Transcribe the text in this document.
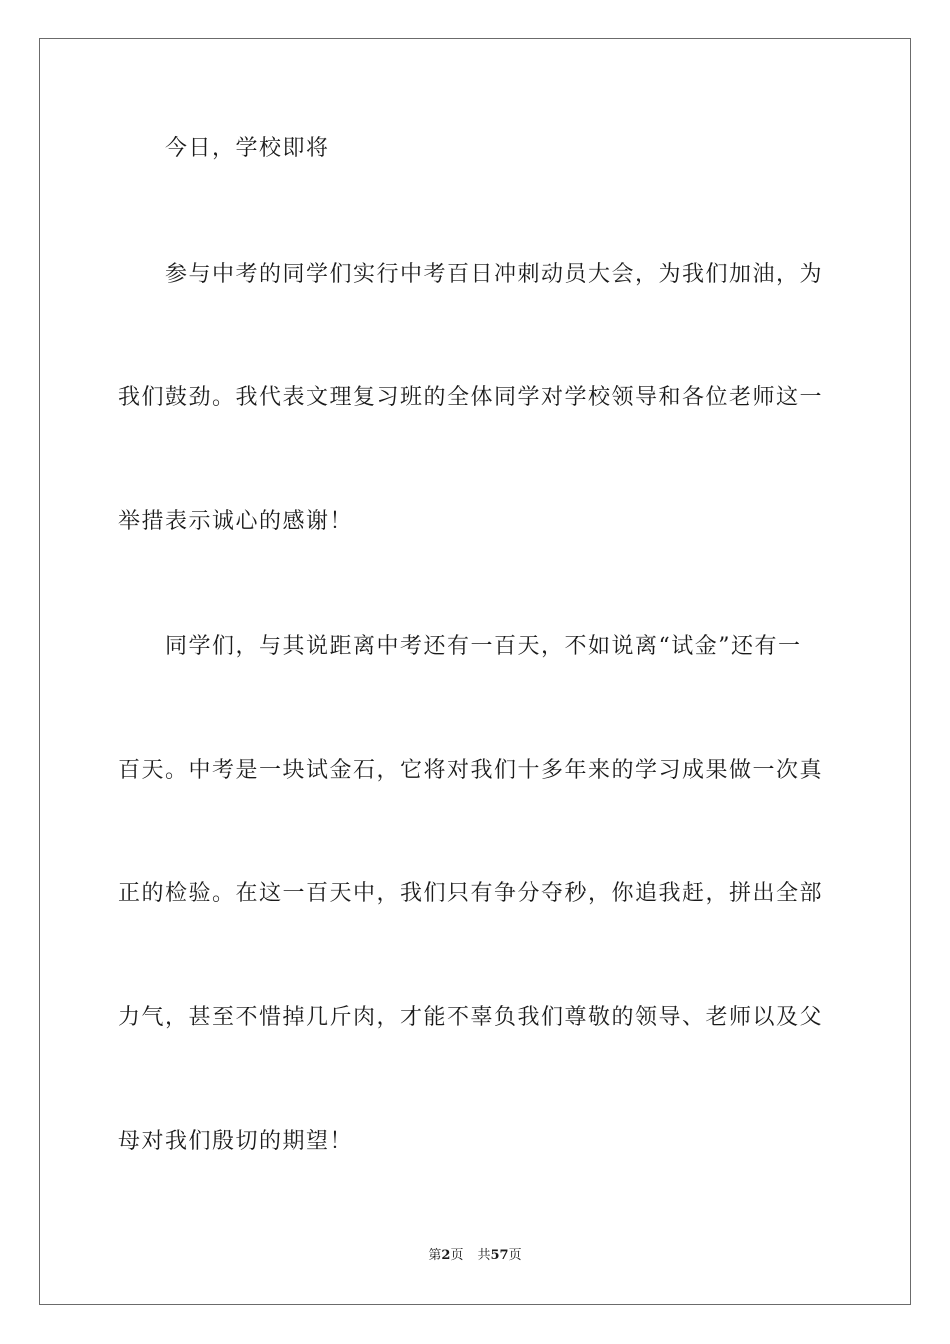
今日，学校即将
参与中考的同学们实行中考百日冲刺动员大会，为我们加油，为
我们鼓劲。我代表文理复习班的全体同学对学校领导和各位老师这一
举措表示诚心的感谢！
同学们，与其说距离中考还有一百天，不如说离“试金”还有一
百天。中考是一块试金石，它将对我们十多年来的学习成果做一次真
正的检验。在这一百天中，我们只有争分夺秒，你追我赶，拼出全部
力气，甚至不惜掉几斤肉，才能不辜负我们尊敬的领导、老师以及父
母对我们殷切的期望！
第2页 共57页
